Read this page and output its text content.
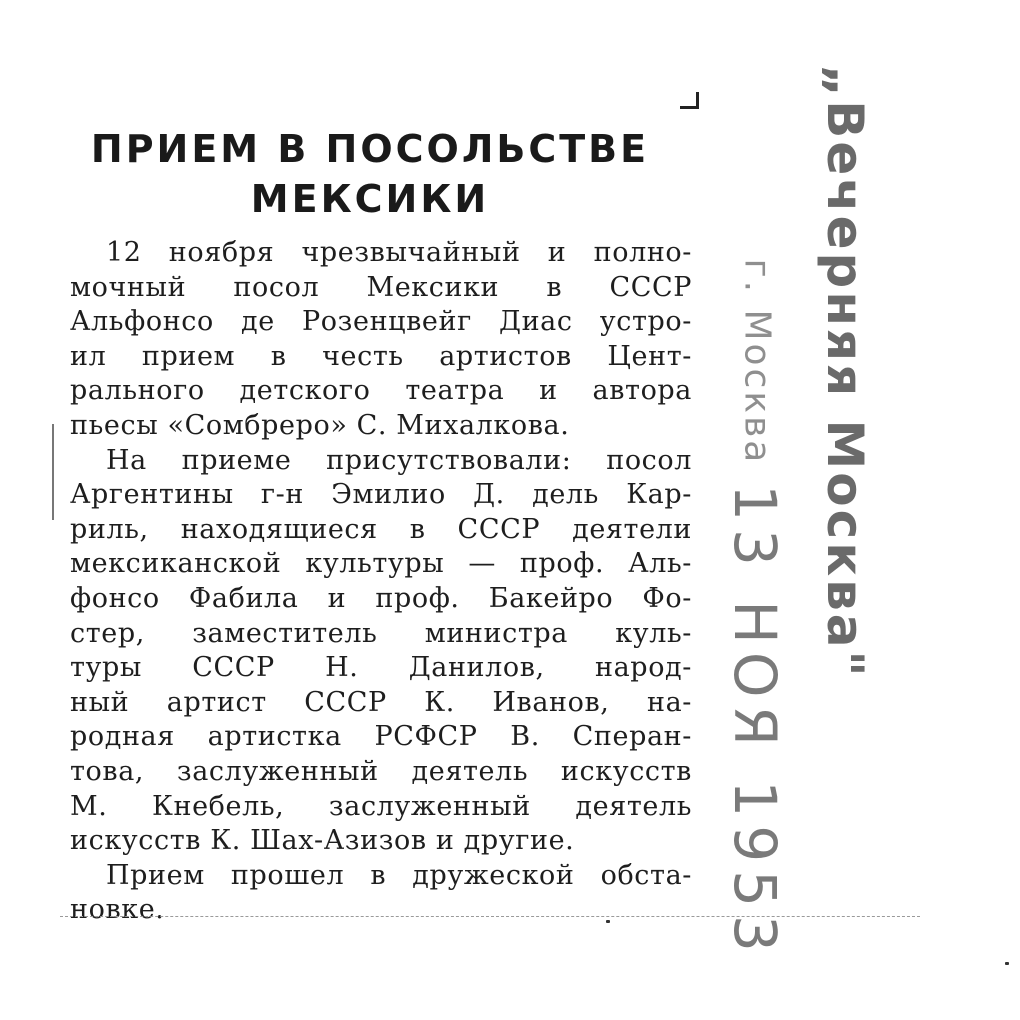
ПРИЕМ В ПОСОЛЬСТВЕ
МЕКСИКИ
12 ноября чрезвычайный и полно-
мочный посол Мексики в СССР
Альфонсо де Розенцвейг Диас устро-
ил прием в честь артистов Цент-
рального детского театра и автора
пьесы «Сомбреро» С. Михалкова.
На приеме присутствовали: посол
Аргентины г-н Эмилио Д. дель Кар-
риль, находящиеся в СССР деятели
мексиканской культуры — проф. Аль-
фонсо Фабила и проф. Бакейро Фо-
стер, заместитель министра куль-
туры СССР Н. Данилов, народ-
ный артист СССР К. Иванов, на-
родная артистка РСФСР В. Сперан-
това, заслуженный деятель искусств
М. Кнебель, заслуженный деятель
искусств К. Шах-Азизов и другие.
Прием прошел в дружеской обста-
новке.
„Вечерняя Москва"
г. Москва
13 НОЯ 1953
